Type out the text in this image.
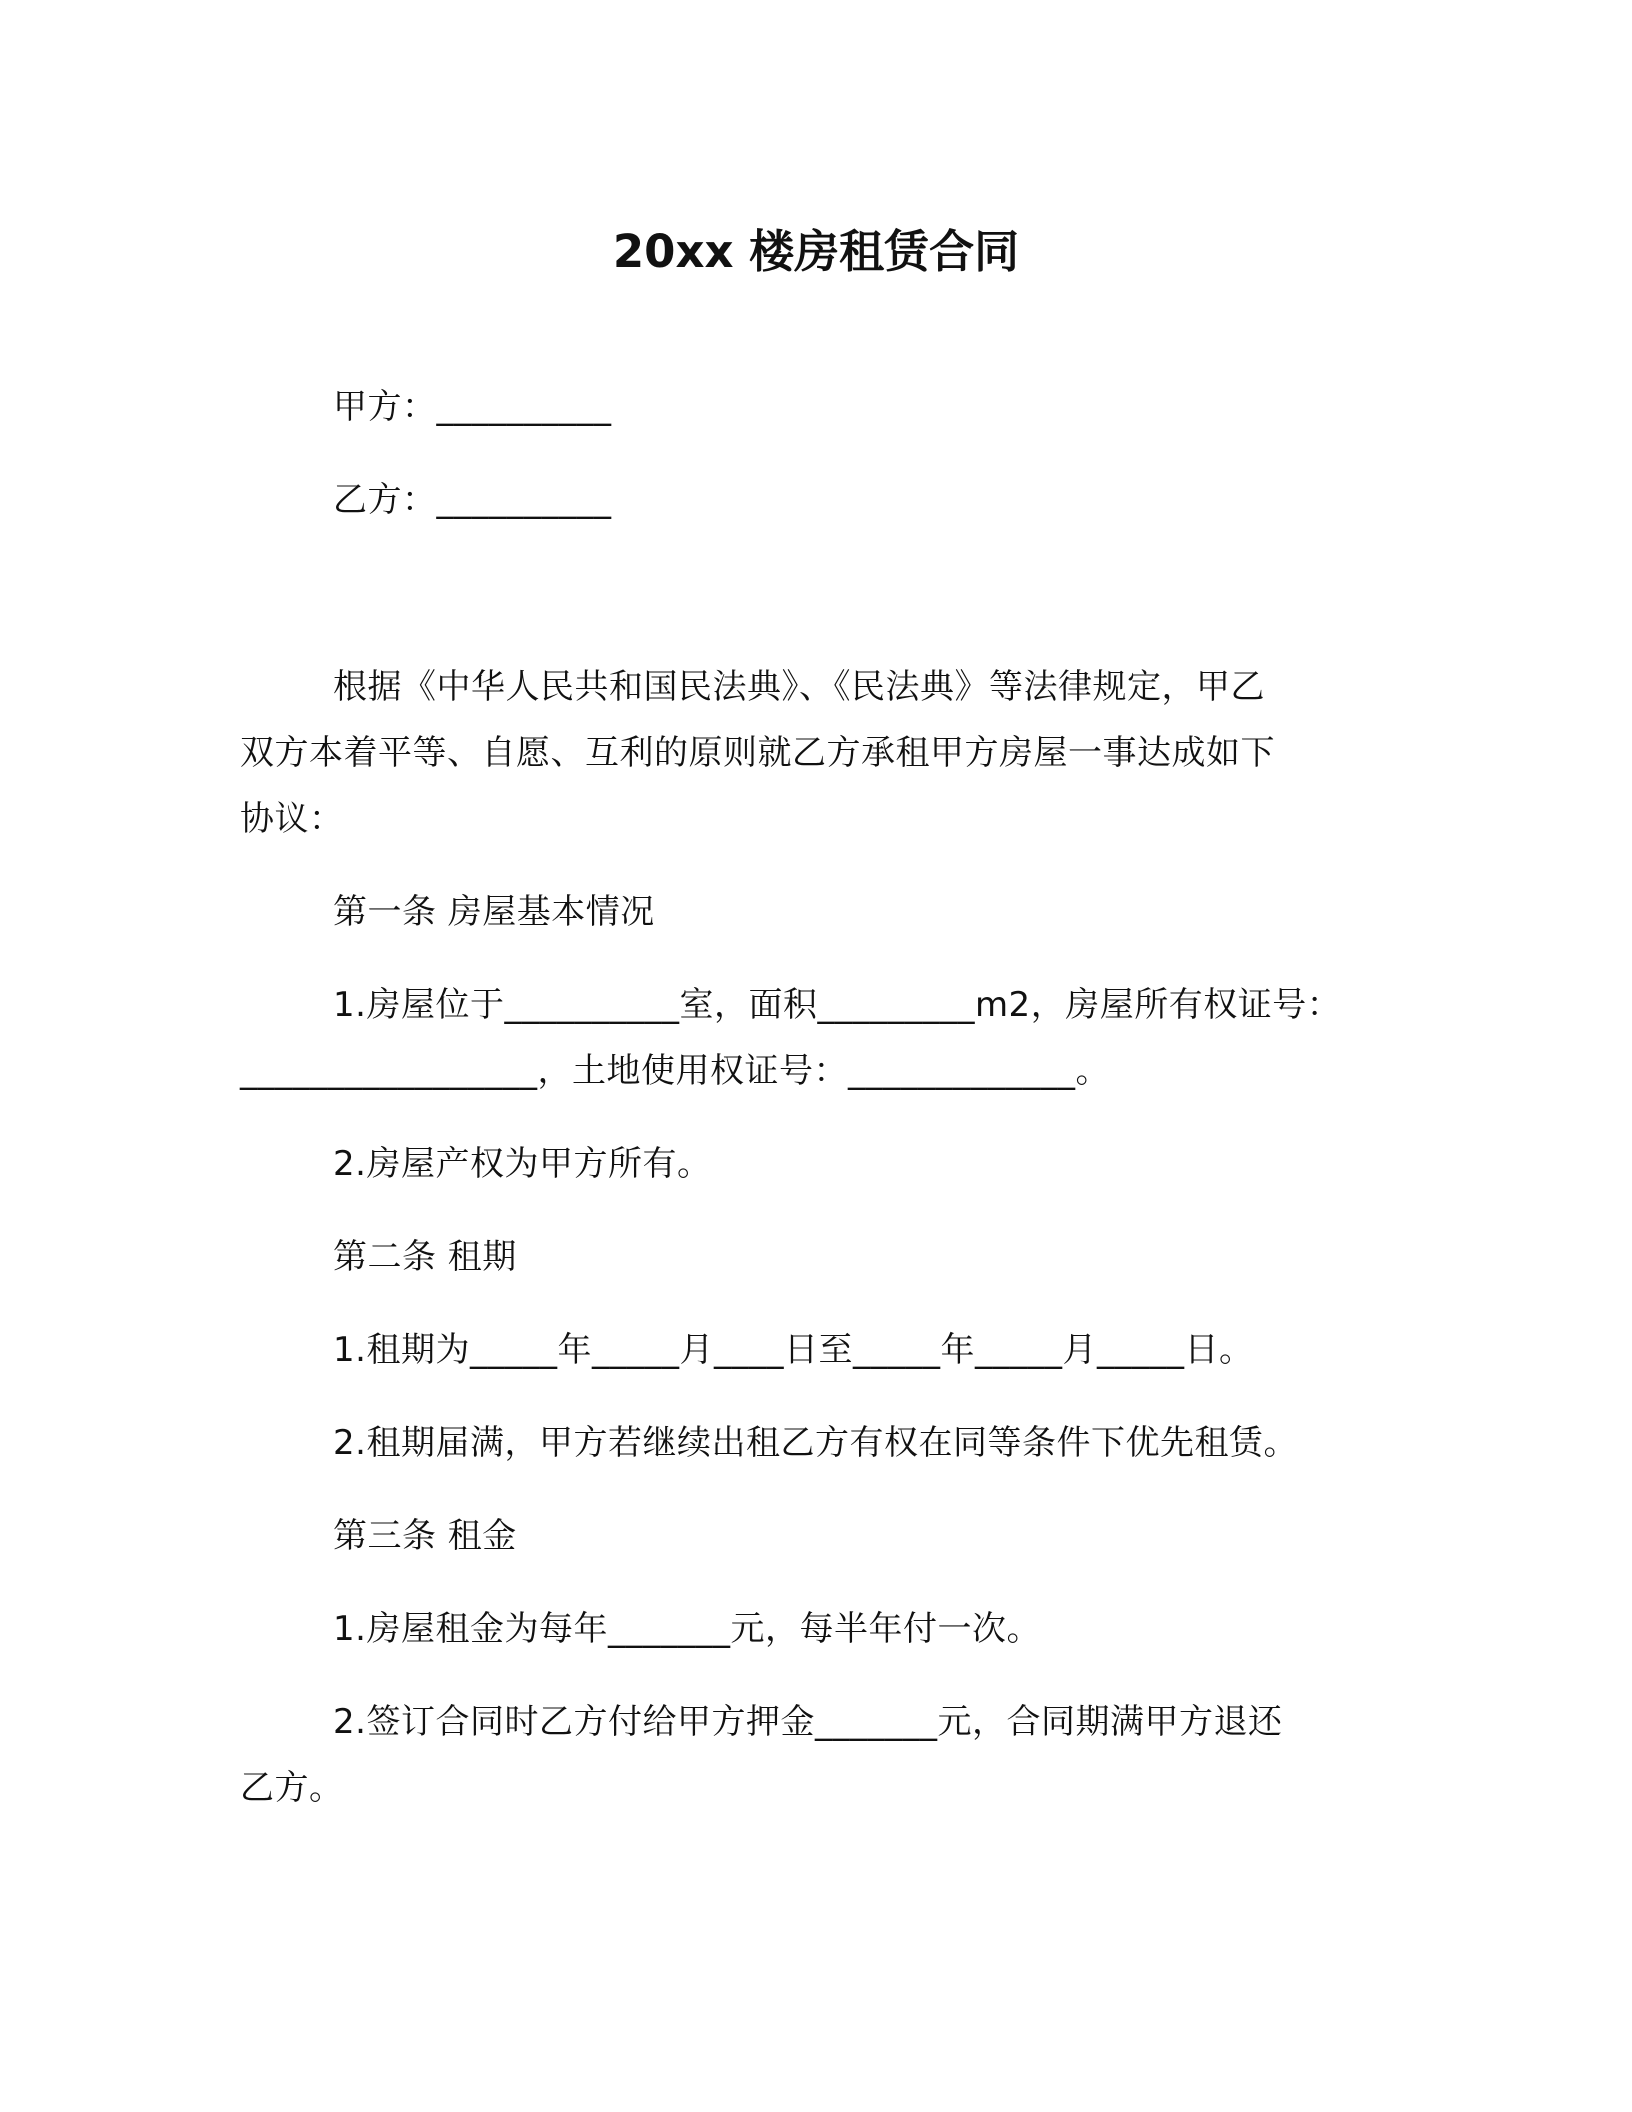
20xx 楼房租赁合同
甲方：__________
乙方：__________
根据《中华人民共和国民法典》、《民法典》等法律规定，甲乙
双方本着平等、自愿、互利的原则就乙方承租甲方房屋一事达成如下
协议：
第一条 房屋基本情况
1.房屋位于__________室，面积_________m2，房屋所有权证号：
_________________，土地使用权证号：_____________。
2.房屋产权为甲方所有。
第二条 租期
1.租期为_____年_____月____日至_____年_____月_____日。
2.租期届满，甲方若继续出租乙方有权在同等条件下优先租赁。
第三条 租金
1.房屋租金为每年_______元，每半年付一次。
2.签订合同时乙方付给甲方押金_______元，合同期满甲方退还
乙方。
